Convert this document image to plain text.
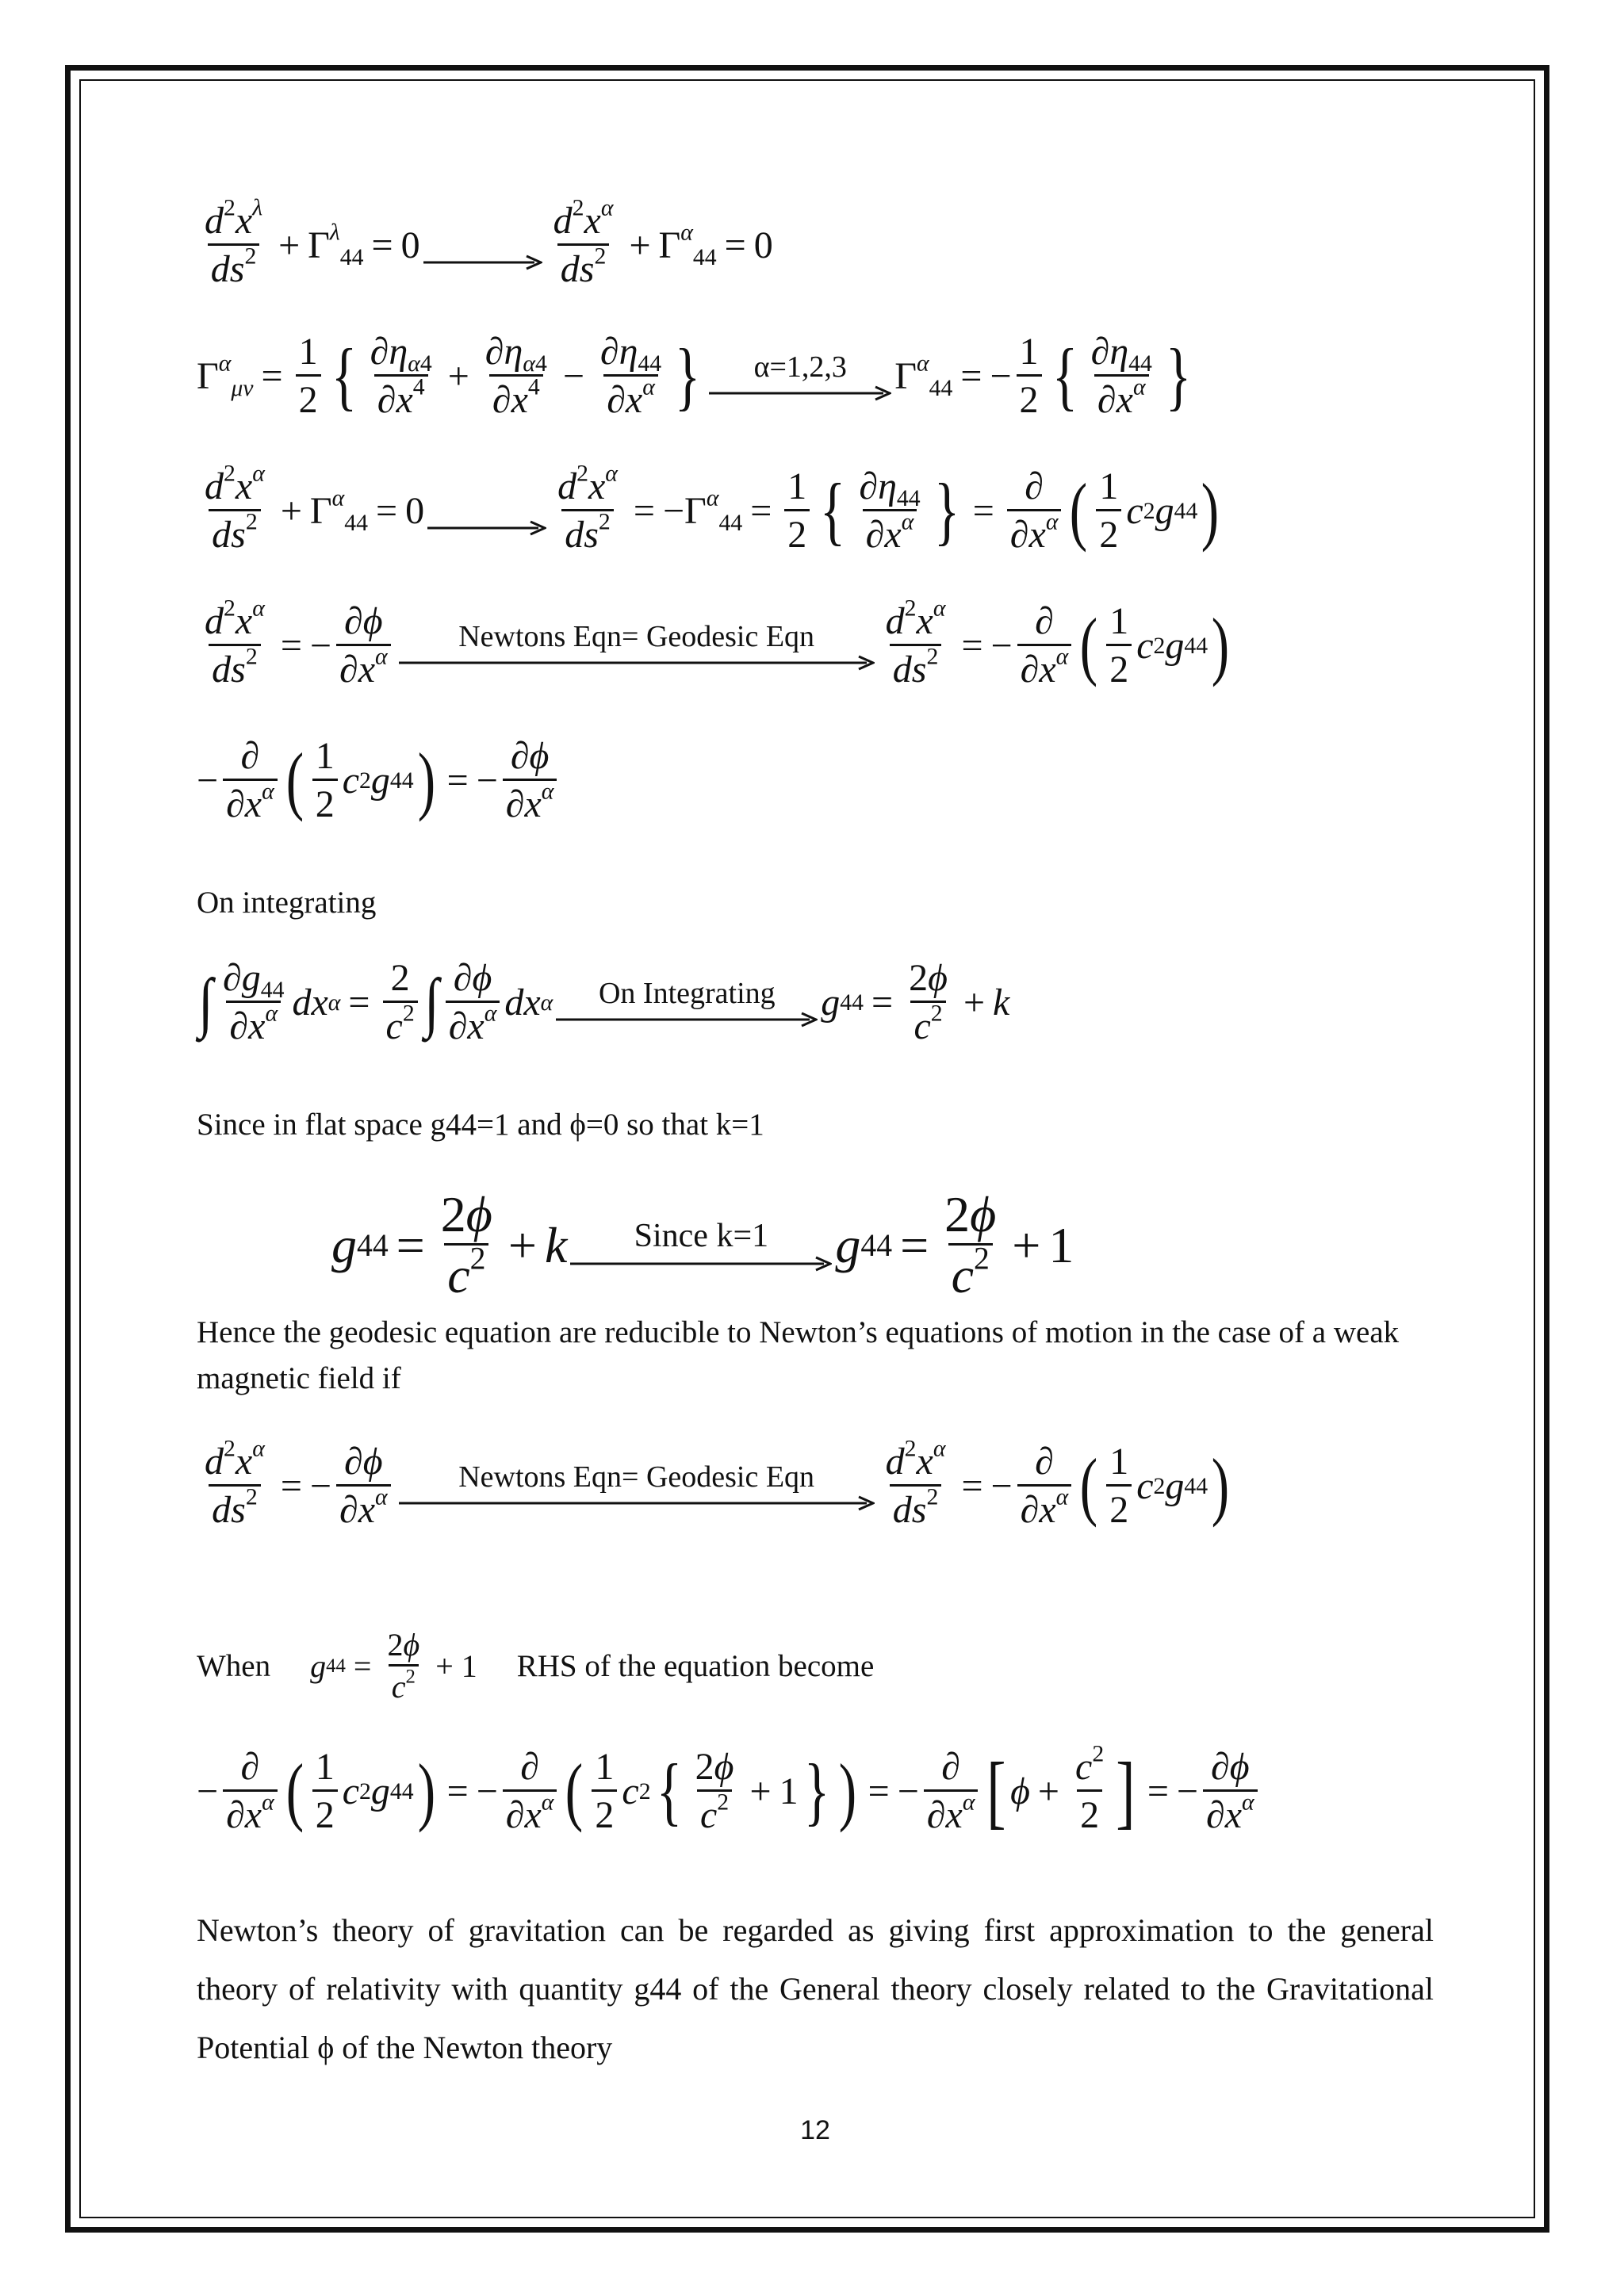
$\frac{d^2x^\lambda}{ds^2} + \Gamma^\lambda_{44} = 0$
	$\frac{d^2x^\alpha}{ds^2} + \Gamma^\alpha_{44} = 0$
$\Gamma^\alpha_{\mu\nu} = \frac{1}{2}$ { $\frac{\partial\eta_{\alpha 4}}{\partial x^4} + \frac{\partial\eta_{\alpha 4}}{\partial x^4} - \frac{\partial\eta_{44}}{\partial x^\alpha}$ } α=1,2,3 $\Gamma^\alpha_{44}$ = − $\frac{1}{2}$ { $\frac{\partial\eta_{44}}{\partial x^\alpha}$ }
$\frac{d^2x^\alpha}{ds^2} + \Gamma^\alpha_{44} = 0$
	$\frac{d^2x^\alpha}{ds^2} = -\Gamma^\alpha_{44} = \frac{1}{2}$ { $\frac{\partial\eta_{44}}{\partial x^\alpha}$ } = $\frac{\partial}{\partial x^\alpha}$ ( $\frac{1}{2}$ c 2 g 44 )
$\frac{d^2x^\alpha}{ds^2}$ = − $\frac{\partial\phi}{\partial x^\alpha}$ Newtons Eqn= Geodesic Eqn $\frac{d^2x^\alpha}{ds^2}$ = − $\frac{\partial}{\partial x^\alpha}$ ( $\frac{1}{2}$ c 2 g 44 )
− $\frac{\partial}{\partial x^\alpha}$ ( $\frac{1}{2}$ c 2 g 44 ) = − $\frac{\partial\phi}{\partial x^\alpha}$
On integrating
∫ $\frac{\partial g_{44}}{\partial x^\alpha}$ dx $\alpha = \frac{2}{c^2}$ ∫ $\frac{\partial\phi}{\partial x^\alpha}$ dx α On Integrating g $44 = \frac{2\phi}{c^2} + k$
Since in flat space g44=1 and ϕ=0 so that k=1
g $44 = \frac{2\phi}{c^2} + k$ Since k=1 g $44 = \frac{2\phi}{c^2} + 1$
Hence the geodesic equation are reducible to Newton’s equations of motion in the case of a weak magnetic field if
$\frac{d^2x^\alpha}{ds^2}$ = − $\frac{\partial\phi}{\partial x^\alpha}$ Newtons Eqn= Geodesic Eqn $\frac{d^2x^\alpha}{ds^2}$ = − $\frac{\partial}{\partial x^\alpha}$ ( $\frac{1}{2}$ c 2 g 44 )
When g $44 = \frac{2\phi}{c^2} + 1$ RHS of the equation become
− $\frac{\partial}{\partial x^\alpha}$ ( $\frac{1}{2}$ c 2 g 44 ) = − $\frac{\partial}{\partial x^\alpha}$ ( $\frac{1}{2}$ c 2 { $\frac{2\phi}{c^2} + 1$ } ) = − $\frac{\partial}{\partial x^\alpha}$ [ $\phi + \frac{c^2}{2}$ ] = − $\frac{\partial\phi}{\partial x^\alpha}$
Newton’s theory of gravitation can be regarded as giving first approximation to the general theory of relativity with quantity g44 of the General theory closely related to the Gravitational Potential ϕ of the Newton theory
12
